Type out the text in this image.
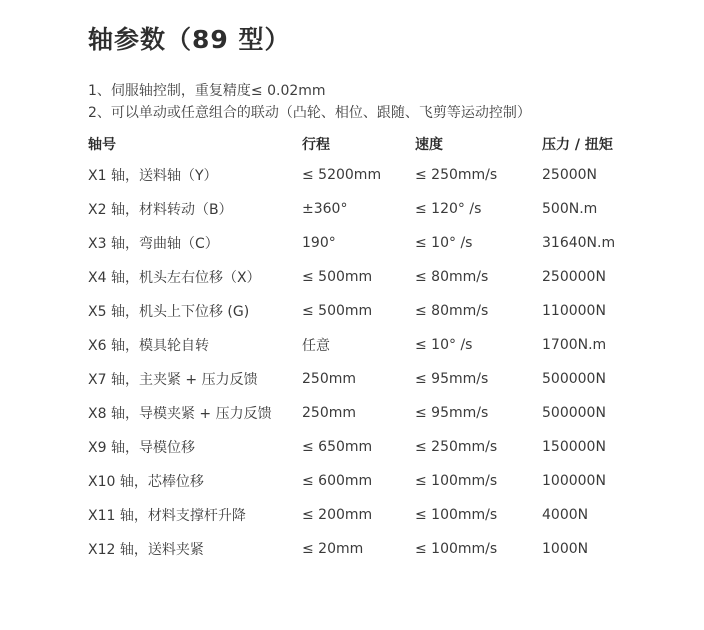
轴参数（89 型）
1、伺服轴控制，重复精度≤ 0.02mm
2、可以单动或任意组合的联动（凸轮、相位、跟随、飞剪等运动控制）
轴号	行程	速度	压力 / 扭矩
X1 轴，送料轴（Y）	≤ 5200mm	≤ 250mm/s	25000N
X2 轴，材料转动（B）	±360°	≤ 120° /s	500N.m
X3 轴，弯曲轴（C）	190°	≤ 10° /s	31640N.m
X4 轴，机头左右位移（X）	≤ 500mm	≤ 80mm/s	250000N
X5 轴，机头上下位移 (G)	≤ 500mm	≤ 80mm/s	110000N
X6 轴，模具轮自转	任意	≤ 10° /s	1700N.m
X7 轴，主夹紧 + 压力反馈	250mm	≤ 95mm/s	500000N
X8 轴，导模夹紧 + 压力反馈	250mm	≤ 95mm/s	500000N
X9 轴，导模位移	≤ 650mm	≤ 250mm/s	150000N
X10 轴，芯棒位移	≤ 600mm	≤ 100mm/s	100000N
X11 轴，材料支撑杆升降	≤ 200mm	≤ 100mm/s	4000N
X12 轴，送料夹紧	≤ 20mm	≤ 100mm/s	1000N
